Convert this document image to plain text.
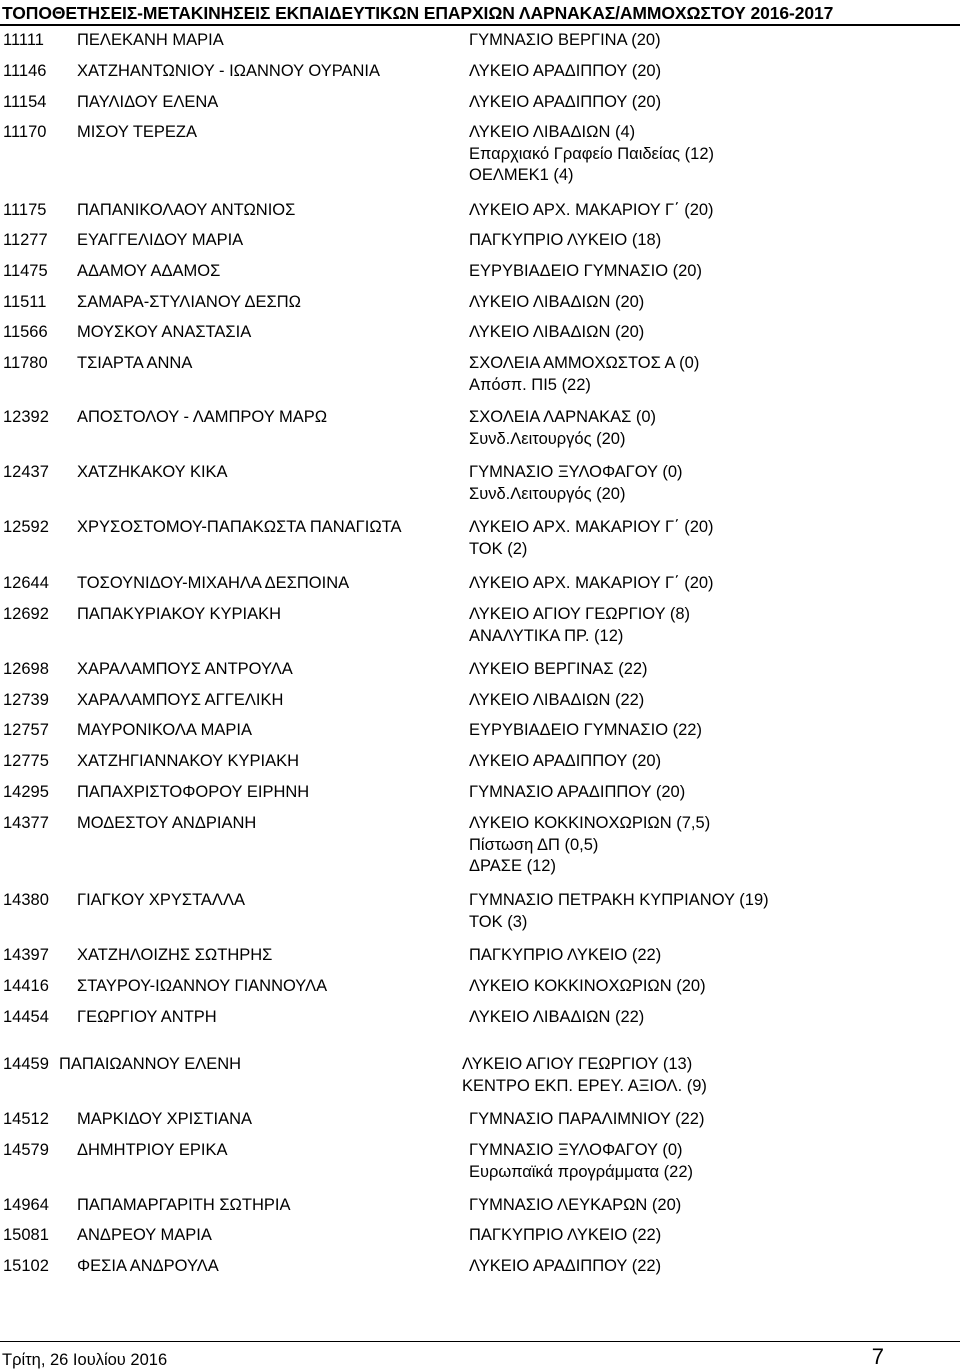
ΤΟΠΟΘΕΤΗΣΕΙΣ-ΜΕΤΑΚΙΝΗΣΕΙΣ ΕΚΠΑΙΔΕΥΤΙΚΩΝ ΕΠΑΡΧΙΩΝ ΛΑΡΝΑΚΑΣ/ΑΜΜΟΧΩΣΤΟΥ 2016-2017
11111 ΠΕΛΕΚΑΝΗ ΜΑΡΙΑ	ΓΥΜΝΑΣΙΟ ΒΕΡΓΙΝΑ (20)
11146 ΧΑΤΖΗΑΝΤΩΝΙΟΥ - ΙΩΑΝΝΟΥ ΟΥΡΑΝΙΑ	ΛΥΚΕΙΟ ΑΡΑΔΙΠΠΟΥ (20)
11154 ΠΑΥΛΙΔΟΥ ΕΛΕΝΑ	ΛΥΚΕΙΟ ΑΡΑΔΙΠΠΟΥ (20)
11170 ΜΙΣΟΥ ΤΕΡΕΖΑ	ΛΥΚΕΙΟ ΛΙΒΑΔΙΩΝ (4)
Επαρχιακό Γραφείο Παιδείας (12)
ΟΕΛΜΕΚ1 (4)
11175 ΠΑΠΑΝΙΚΟΛΑΟΥ ΑΝΤΩΝΙΟΣ	ΛΥΚΕΙΟ ΑΡΧ. ΜΑΚΑΡΙΟΥ Γ΄ (20)
11277 ΕΥΑΓΓΕΛΙΔΟΥ ΜΑΡΙΑ	ΠΑΓΚΥΠΡΙΟ ΛΥΚΕΙΟ (18)
11475 ΑΔΑΜΟΥ ΑΔΑΜΟΣ	ΕΥΡΥΒΙΑΔΕΙΟ ΓΥΜΝΑΣΙΟ (20)
11511 ΣΑΜΑΡΑ-ΣΤΥΛΙΑΝΟΥ ΔΕΣΠΩ	ΛΥΚΕΙΟ ΛΙΒΑΔΙΩΝ (20)
11566 ΜΟΥΣΚΟΥ ΑΝΑΣΤΑΣΙΑ	ΛΥΚΕΙΟ ΛΙΒΑΔΙΩΝ (20)
11780 ΤΣΙΑΡΤΑ ΑΝΝΑ	ΣΧΟΛΕΙΑ ΑΜΜΟΧΩΣΤΟΣ Α (0)
Απόσπ. ΠΙ5 (22)
12392 ΑΠΟΣΤΟΛΟΥ - ΛΑΜΠΡΟΥ ΜΑΡΩ	ΣΧΟΛΕΙΑ ΛΑΡΝΑΚΑΣ (0)
Συνδ.Λειτουργός (20)
12437 ΧΑΤΖΗΚΑΚΟΥ ΚΙΚΑ	ΓΥΜΝΑΣΙΟ ΞΥΛΟΦΑΓΟΥ (0)
Συνδ.Λειτουργός (20)
12592 ΧΡΥΣΟΣΤΟΜΟΥ-ΠΑΠΑΚΩΣΤΑ ΠΑΝΑΓΙΩΤΑ	ΛΥΚΕΙΟ ΑΡΧ. ΜΑΚΑΡΙΟΥ Γ΄ (20)
ΤΟΚ (2)
12644 ΤΟΣΟΥΝΙΔΟΥ-ΜΙΧΑΗΛΑ ΔΕΣΠΟΙΝΑ	ΛΥΚΕΙΟ ΑΡΧ. ΜΑΚΑΡΙΟΥ Γ΄ (20)
12692 ΠΑΠΑΚΥΡΙΑΚΟΥ ΚΥΡΙΑΚΗ	ΛΥΚΕΙΟ ΑΓΙΟΥ ΓΕΩΡΓΙΟΥ (8)
ΑΝΑΛΥΤΙΚΑ ΠΡ. (12)
12698 ΧΑΡΑΛΑΜΠΟΥΣ ΑΝΤΡΟΥΛΑ	ΛΥΚΕΙΟ ΒΕΡΓΙΝΑΣ (22)
12739 ΧΑΡΑΛΑΜΠΟΥΣ ΑΓΓΕΛΙΚΗ	ΛΥΚΕΙΟ ΛΙΒΑΔΙΩΝ (22)
12757 ΜΑΥΡΟΝΙΚΟΛΑ ΜΑΡΙΑ	ΕΥΡΥΒΙΑΔΕΙΟ ΓΥΜΝΑΣΙΟ (22)
12775 ΧΑΤΖΗΓΙΑΝΝΑΚΟΥ ΚΥΡΙΑΚΗ	ΛΥΚΕΙΟ ΑΡΑΔΙΠΠΟΥ (20)
14295 ΠΑΠΑΧΡΙΣΤΟΦΟΡΟΥ ΕΙΡΗΝΗ	ΓΥΜΝΑΣΙΟ ΑΡΑΔΙΠΠΟΥ (20)
14377 ΜΟΔΕΣΤΟΥ ΑΝΔΡΙΑΝΗ	ΛΥΚΕΙΟ ΚΟΚΚΙΝΟΧΩΡΙΩΝ (7,5)
Πίστωση ΔΠ (0,5)
ΔΡΑΣΕ (12)
14380 ΓΙΑΓΚΟΥ ΧΡΥΣΤΑΛΛΑ	ΓΥΜΝΑΣΙΟ ΠΕΤΡΑΚΗ ΚΥΠΡΙΑΝΟΥ (19)
ΤΟΚ (3)
14397 ΧΑΤΖΗΛΟΙΖΗΣ ΣΩΤΗΡΗΣ	ΠΑΓΚΥΠΡΙΟ ΛΥΚΕΙΟ (22)
14416 ΣΤΑΥΡΟΥ-ΙΩΑΝΝΟΥ ΓΙΑΝΝΟΥΛΑ	ΛΥΚΕΙΟ ΚΟΚΚΙΝΟΧΩΡΙΩΝ (20)
14454 ΓΕΩΡΓΙΟΥ ΑΝΤΡΗ	ΛΥΚΕΙΟ ΛΙΒΑΔΙΩΝ (22)
14459 ΠΑΠΑΙΩΑΝΝΟΥ ΕΛΕΝΗ	ΛΥΚΕΙΟ ΑΓΙΟΥ ΓΕΩΡΓΙΟΥ (13)
ΚΕΝΤΡΟ ΕΚΠ. ΕΡΕΥ. ΑΞΙΟΛ. (9)
14512 ΜΑΡΚΙΔΟΥ ΧΡΙΣΤΙΑΝΑ	ΓΥΜΝΑΣΙΟ ΠΑΡΑΛΙΜΝΙΟΥ (22)
14579 ΔΗΜΗΤΡΙΟΥ ΕΡΙΚΑ	ΓΥΜΝΑΣΙΟ ΞΥΛΟΦΑΓΟΥ (0)
Ευρωπαϊκά προγράμματα (22)
14964 ΠΑΠΑΜΑΡΓΑΡΙΤΗ ΣΩΤΗΡΙΑ	ΓΥΜΝΑΣΙΟ ΛΕΥΚΑΡΩΝ (20)
15081 ΑΝΔΡΕΟΥ ΜΑΡΙΑ	ΠΑΓΚΥΠΡΙΟ ΛΥΚΕΙΟ (22)
15102 ΦΕΣΙΑ ΑΝΔΡΟΥΛΑ	ΛΥΚΕΙΟ ΑΡΑΔΙΠΠΟΥ (22)
Τρίτη, 26 Ιουλίου 2016	7
